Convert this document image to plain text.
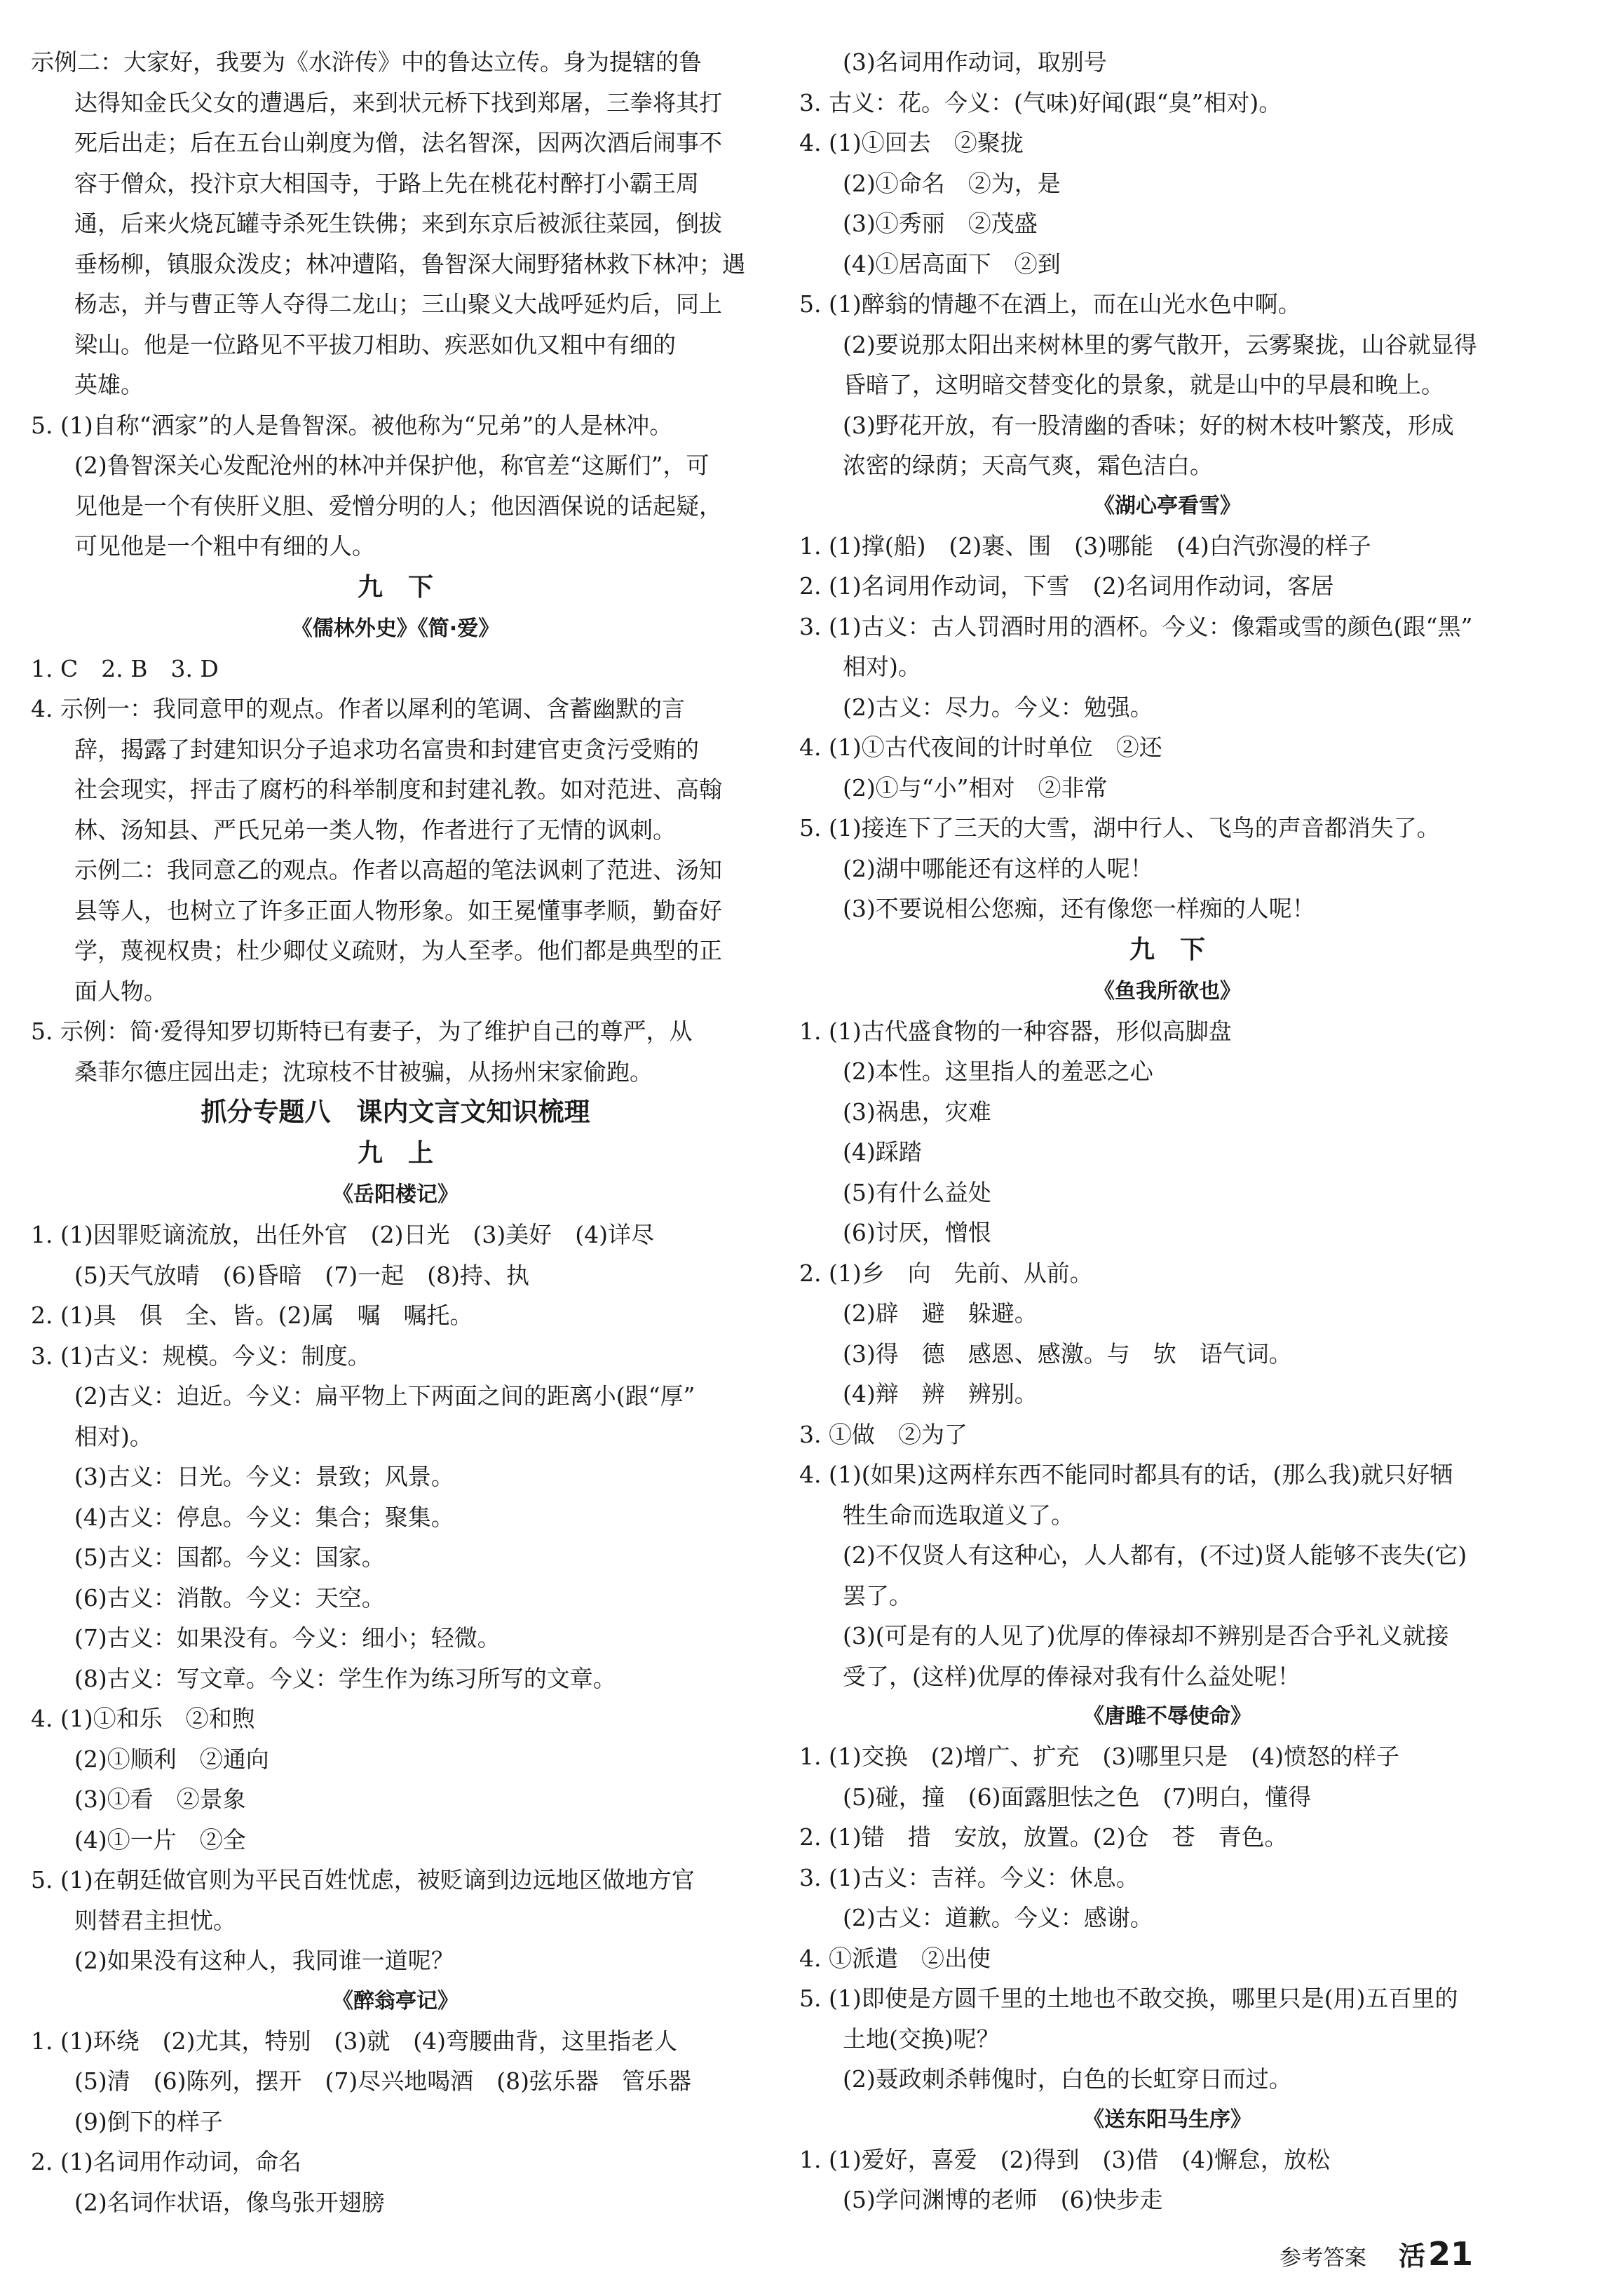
示例二：大家好，我要为《水浒传》中的鲁达立传。身为提辖的鲁
达得知金氏父女的遭遇后，来到状元桥下找到郑屠，三拳将其打
死后出走；后在五台山剃度为僧，法名智深，因两次酒后闹事不
容于僧众，投汴京大相国寺，于路上先在桃花村醉打小霸王周
通，后来火烧瓦罐寺杀死生铁佛；来到东京后被派往菜园，倒拔
垂杨柳，镇服众泼皮；林冲遭陷，鲁智深大闹野猪林救下林冲；遇
杨志，并与曹正等人夺得二龙山；三山聚义大战呼延灼后，同上
梁山。他是一位路见不平拔刀相助、疾恶如仇又粗中有细的
英雄。
5. (1)自称“洒家”的人是鲁智深。被他称为“兄弟”的人是林冲。
(2)鲁智深关心发配沧州的林冲并保护他，称官差“这厮们”，可
见他是一个有侠肝义胆、爱憎分明的人；他因酒保说的话起疑，
可见他是一个粗中有细的人。
九　下
《儒林外史》《简·爱》
1. C　2. B　3. D
4. 示例一：我同意甲的观点。作者以犀利的笔调、含蓄幽默的言
辞，揭露了封建知识分子追求功名富贵和封建官吏贪污受贿的
社会现实，抨击了腐朽的科举制度和封建礼教。如对范进、高翰
林、汤知县、严氏兄弟一类人物，作者进行了无情的讽刺。
示例二：我同意乙的观点。作者以高超的笔法讽刺了范进、汤知
县等人，也树立了许多正面人物形象。如王冕懂事孝顺，勤奋好
学，蔑视权贵；杜少卿仗义疏财，为人至孝。他们都是典型的正
面人物。
5. 示例：简·爱得知罗切斯特已有妻子，为了维护自己的尊严，从
桑菲尔德庄园出走；沈琼枝不甘被骗，从扬州宋家偷跑。
抓分专题八　课内文言文知识梳理
九　上
《岳阳楼记》
1. (1)因罪贬谪流放，出任外官　(2)日光　(3)美好　(4)详尽
(5)天气放晴　(6)昏暗　(7)一起　(8)持、执
2. (1)具　俱　全、皆。(2)属　嘱　嘱托。
3. (1)古义：规模。今义：制度。
(2)古义：迫近。今义：扁平物上下两面之间的距离小(跟“厚”
相对)。
(3)古义：日光。今义：景致；风景。
(4)古义：停息。今义：集合；聚集。
(5)古义：国都。今义：国家。
(6)古义：消散。今义：天空。
(7)古义：如果没有。今义：细小；轻微。
(8)古义：写文章。今义：学生作为练习所写的文章。
4. (1)①和乐　②和煦
(2)①顺利　②通向
(3)①看　②景象
(4)①一片　②全
5. (1)在朝廷做官则为平民百姓忧虑，被贬谪到边远地区做地方官
则替君主担忧。
(2)如果没有这种人，我同谁一道呢？
《醉翁亭记》
1. (1)环绕　(2)尤其，特别　(3)就　(4)弯腰曲背，这里指老人
(5)清　(6)陈列，摆开　(7)尽兴地喝酒　(8)弦乐器　管乐器
(9)倒下的样子
2. (1)名词用作动词，命名
(2)名词作状语，像鸟张开翅膀
(3)名词用作动词，取别号
3. 古义：花。今义：(气味)好闻(跟“臭”相对)。
4. (1)①回去　②聚拢
(2)①命名　②为，是
(3)①秀丽　②茂盛
(4)①居高面下　②到
5. (1)醉翁的情趣不在酒上，而在山光水色中啊。
(2)要说那太阳出来树林里的雾气散开，云雾聚拢，山谷就显得
昏暗了，这明暗交替变化的景象，就是山中的早晨和晚上。
(3)野花开放，有一股清幽的香味；好的树木枝叶繁茂，形成
浓密的绿荫；天高气爽，霜色洁白。
《湖心亭看雪》
1. (1)撑(船)　(2)裹、围　(3)哪能　(4)白汽弥漫的样子
2. (1)名词用作动词，下雪　(2)名词用作动词，客居
3. (1)古义：古人罚酒时用的酒杯。今义：像霜或雪的颜色(跟“黑”
相对)。
(2)古义：尽力。今义：勉强。
4. (1)①古代夜间的计时单位　②还
(2)①与“小”相对　②非常
5. (1)接连下了三天的大雪，湖中行人、飞鸟的声音都消失了。
(2)湖中哪能还有这样的人呢！
(3)不要说相公您痴，还有像您一样痴的人呢！
九　下
《鱼我所欲也》
1. (1)古代盛食物的一种容器，形似高脚盘
(2)本性。这里指人的羞恶之心
(3)祸患，灾难
(4)踩踏
(5)有什么益处
(6)讨厌，憎恨
2. (1)乡　向　先前、从前。
(2)辟　避　躲避。
(3)得　德　感恩、感激。与　欤　语气词。
(4)辩　辨　辨别。
3. ①做　②为了
4. (1)(如果)这两样东西不能同时都具有的话，(那么我)就只好牺
牲生命而选取道义了。
(2)不仅贤人有这种心，人人都有，(不过)贤人能够不丧失(它)
罢了。
(3)(可是有的人见了)优厚的俸禄却不辨别是否合乎礼义就接
受了，(这样)优厚的俸禄对我有什么益处呢！
《唐雎不辱使命》
1. (1)交换　(2)增广、扩充　(3)哪里只是　(4)愤怒的样子
(5)碰，撞　(6)面露胆怯之色　(7)明白，懂得
2. (1)错　措　安放，放置。(2)仓　苍　青色。
3. (1)古义：吉祥。今义：休息。
(2)古义：道歉。今义：感谢。
4. ①派遣　②出使
5. (1)即使是方圆千里的土地也不敢交换，哪里只是(用)五百里的
土地(交换)呢？
(2)聂政刺杀韩傀时，白色的长虹穿日而过。
《送东阳马生序》
1. (1)爱好，喜爱　(2)得到　(3)借　(4)懈怠，放松
(5)学问渊博的老师　(6)快步走
参考答案 活 21
